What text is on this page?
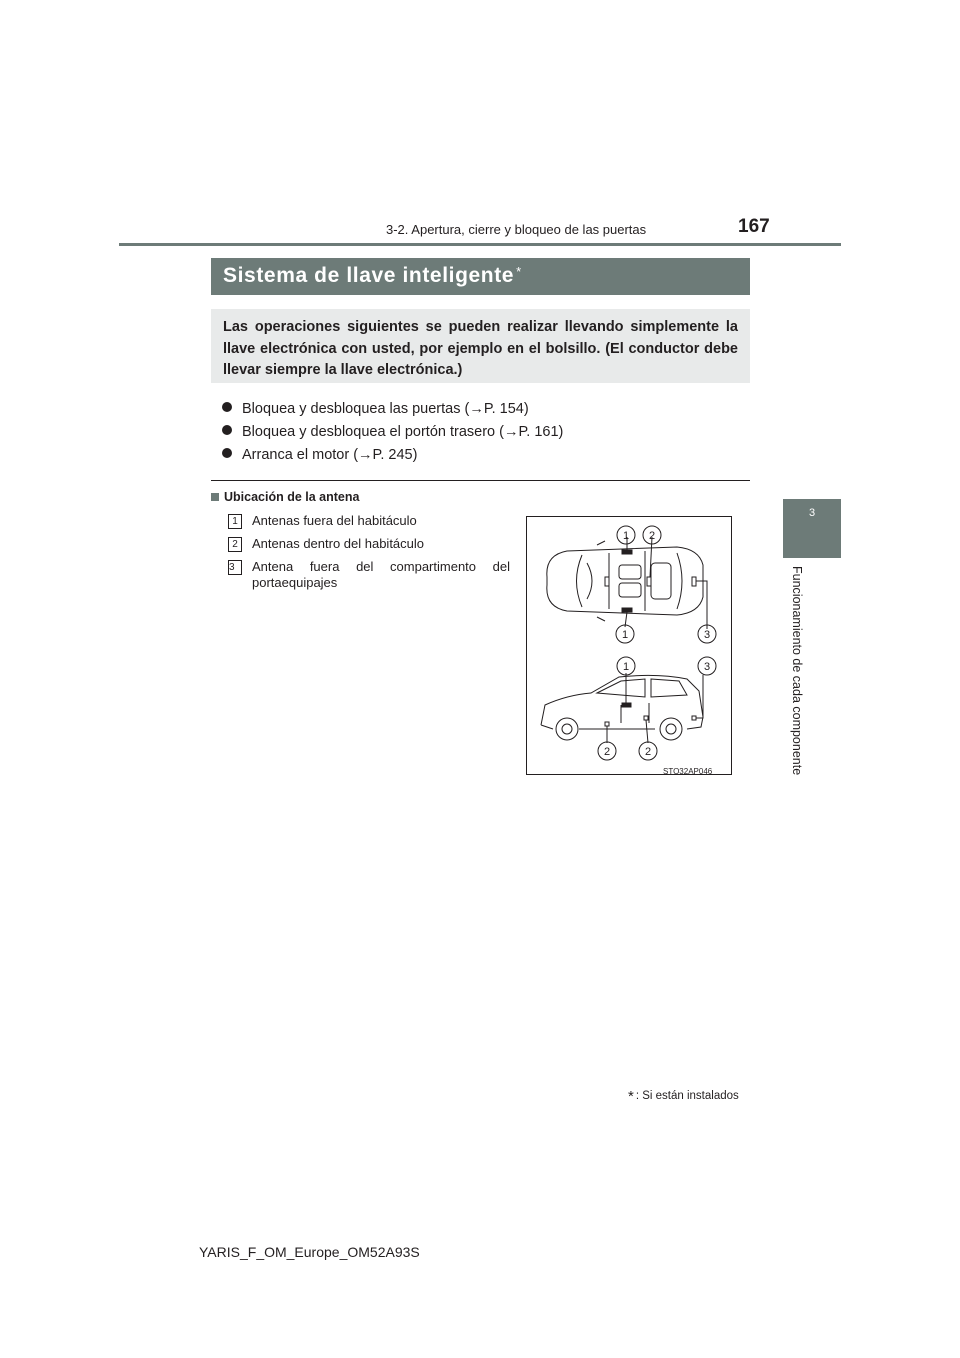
3-2. Apertura, cierre y bloqueo de las puertas	167
3
Funcionamiento de cada componente
Sistema de llave inteligente *
Las operaciones siguientes se pueden realizar llevando simplemente la llave electrónica con usted, por ejemplo en el bolsillo. (El conductor debe llevar siempre la llave electrónica.)
Bloquea y desbloquea las puertas (→P. 154)
Bloquea y desbloquea el portón trasero (→P. 161)
Arranca el motor (→P. 245)
Ubicación de la antena
1	Antenas fuera del habitáculo
2	Antenas dentro del habitáculo
3	Antena fuera del compartimento del portaequipajes
1 2
1	3
1	3
2	2
STO32AP046
* : Si están instalados
YARIS_F_OM_Europe_OM52A93S
